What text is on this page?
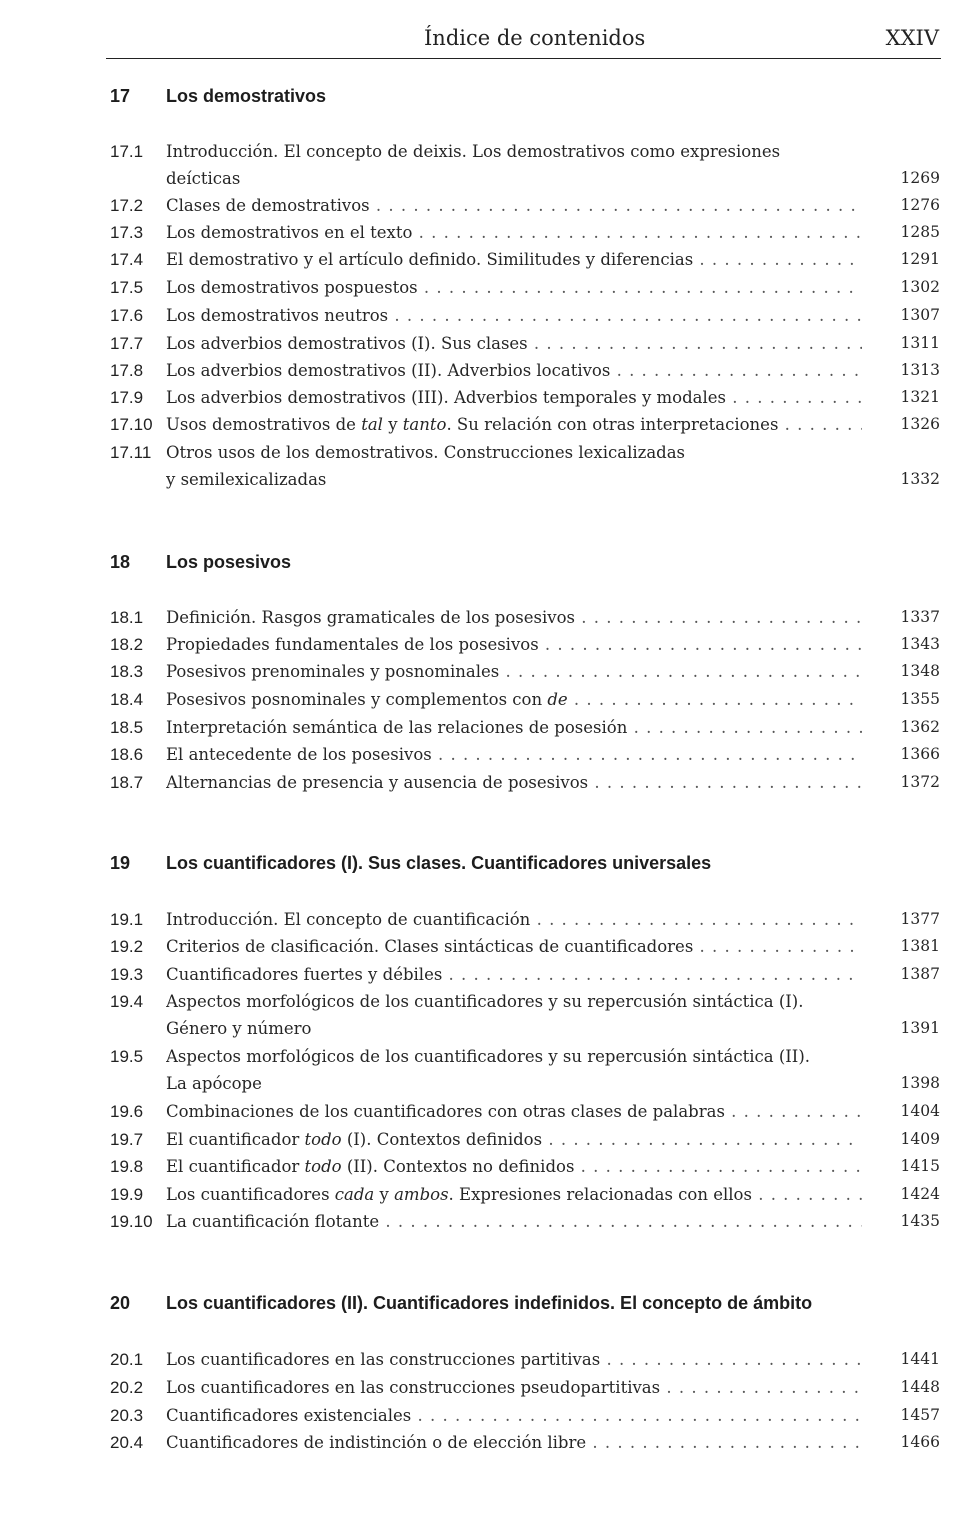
Índice de contenidos	XXIV
17 Los demostrativos
17.1 Introducción. El concepto de deixis. Los demostrativos como expresiones
deícticas	1269
17.2 Clases de demostrativos . . .	1276
17.3 Los demostrativos en el texto . . .	1285
17.4 El demostrativo y el artículo definido. Similitudes y diferencias . . .	1291
17.5 Los demostrativos pospuestos . . .	1302
17.6 Los demostrativos neutros . . .	1307
17.7 Los adverbios demostrativos (I). Sus clases . . .	1311
17.8 Los adverbios demostrativos (II). Adverbios locativos . . .	1313
17.9 Los adverbios demostrativos (III). Adverbios temporales y modales . . .	1321
17.10 Usos demostrativos de tal y tanto. Su relación con otras interpretaciones . . .	1326
17.11 Otros usos de los demostrativos. Construcciones lexicalizadas
y semilexicalizadas	1332
18 Los posesivos
18.1 Definición. Rasgos gramaticales de los posesivos . . .	1337
18.2 Propiedades fundamentales de los posesivos . . .	1343
18.3 Posesivos prenominales y posnominales . . .	1348
18.4 Posesivos posnominales y complementos con de . . .	1355
18.5 Interpretación semántica de las relaciones de posesión . . .	1362
18.6 El antecedente de los posesivos . . .	1366
18.7 Alternancias de presencia y ausencia de posesivos . . .	1372
19 Los cuantificadores (I). Sus clases. Cuantificadores universales
19.1 Introducción. El concepto de cuantificación . . .	1377
19.2 Criterios de clasificación. Clases sintácticas de cuantificadores . . .	1381
19.3 Cuantificadores fuertes y débiles . . .	1387
19.4 Aspectos morfológicos de los cuantificadores y su repercusión sintáctica (I).
Género y número	1391
19.5 Aspectos morfológicos de los cuantificadores y su repercusión sintáctica (II).
La apócope	1398
19.6 Combinaciones de los cuantificadores con otras clases de palabras . . .	1404
19.7 El cuantificador todo (I). Contextos definidos . . .	1409
19.8 El cuantificador todo (II). Contextos no definidos . . .	1415
19.9 Los cuantificadores cada y ambos. Expresiones relacionadas con ellos . . .	1424
19.10 La cuantificación flotante . . .	1435
20 Los cuantificadores (II). Cuantificadores indefinidos. El concepto de ámbito
20.1 Los cuantificadores en las construcciones partitivas . . .	1441
20.2 Los cuantificadores en las construcciones pseudopartitivas . . .	1448
20.3 Cuantificadores existenciales . . .	1457
20.4 Cuantificadores de indistinción o de elección libre . . .	1466
